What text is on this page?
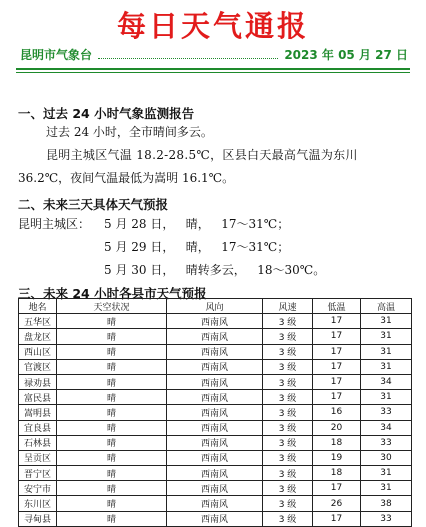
每日天气通报
昆明市气象台	2023 年 05 月 27 日
一、过去 24 小时气象监测报告
过去 24 小时，全市晴间多云。
昆明主城区气温 18.2-28.5℃，区县白天最高气温为东川
36.2℃，夜间气温最低为嵩明 16.1℃。
二、未来三天具体天气预报
昆明主城区： 5 月 28 日，   晴，   17～31℃；
5 月 29 日，   晴，   17～31℃；
5 月 30 日，   晴转多云，   18～30℃。
三、未来 24 小时各县市天气预报
地名	天空状况	风向	风速	低温	高温
五华区	晴	西南风	3 级	17	31
盘龙区	晴	西南风	3 级	17	31
西山区	晴	西南风	3 级	17	31
官渡区	晴	西南风	3 级	17	31
禄劝县	晴	西南风	3 级	17	34
富民县	晴	西南风	3 级	17	31
嵩明县	晴	西南风	3 级	16	33
宜良县	晴	西南风	3 级	20	34
石林县	晴	西南风	3 级	18	33
呈贡区	晴	西南风	3 级	19	30
晋宁区	晴	西南风	3 级	18	31
安宁市	晴	西南风	3 级	17	31
东川区	晴	西南风	3 级	26	38
寻甸县	晴	西南风	3 级	17	33
